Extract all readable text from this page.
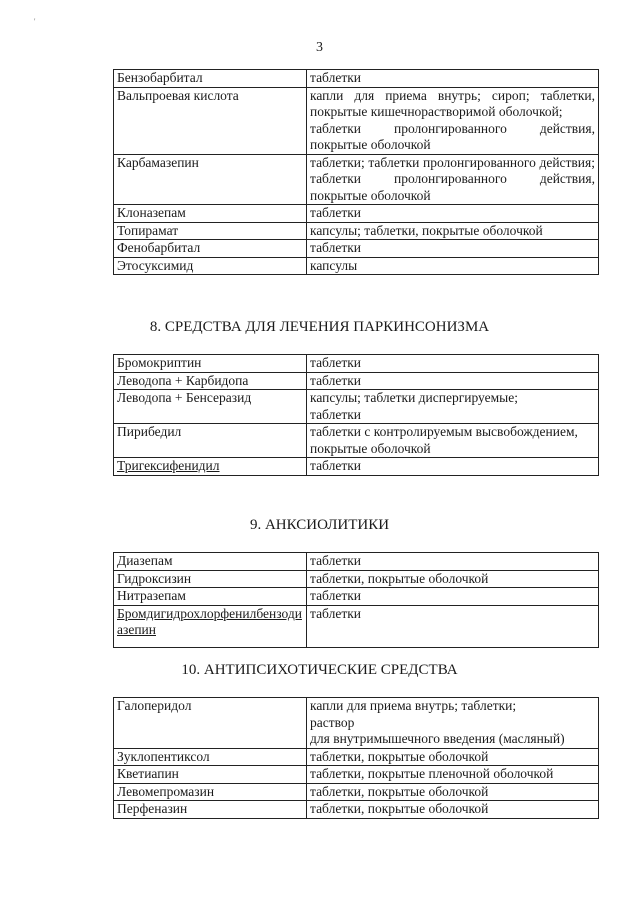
'
3
Бензобарбитал	таблетки

Вальпроевая кислота	капли для приема внутрь; сироп; таблетки, покрытые кишечнорастворимой оболочкой;
таблетки пролонгированного действия, покрытые оболочкой

Карбамазепин	таблетки; таблетки пролонгированного действия; таблетки пролонгированного действия, покрытые оболочкой

Клоназепам	таблетки

Топирамат	капсулы; таблетки, покрытые оболочкой

Фенобарбитал	таблетки

Этосуксимид	капсулы
8. СРЕДСТВА ДЛЯ ЛЕЧЕНИЯ ПАРКИНСОНИЗМА
Бромокриптин	таблетки

Леводопа + Карбидопа	таблетки

Леводопа + Бенсеразид	капсулы; таблетки диспергируемые;
таблетки

Пирибедил	таблетки с контролируемым высвобождением,
покрытые оболочкой

Тригексифенидил	таблетки
9. АНКСИОЛИТИКИ
Диазепам	таблетки

Гидроксизин	таблетки, покрытые оболочкой

Нитразепам	таблетки

Бромдигидрохлорфенилбензодиазепин	таблетки
10. АНТИПСИХОТИЧЕСКИЕ СРЕДСТВА
Галоперидол	капли для приема внутрь; таблетки;
раствор
для внутримышечного введения (масляный)

Зуклопентиксол	таблетки, покрытые оболочкой

Кветиапин	таблетки, покрытые пленочной оболочкой

Левомепромазин	таблетки, покрытые оболочкой

Перфеназин	таблетки, покрытые оболочкой
